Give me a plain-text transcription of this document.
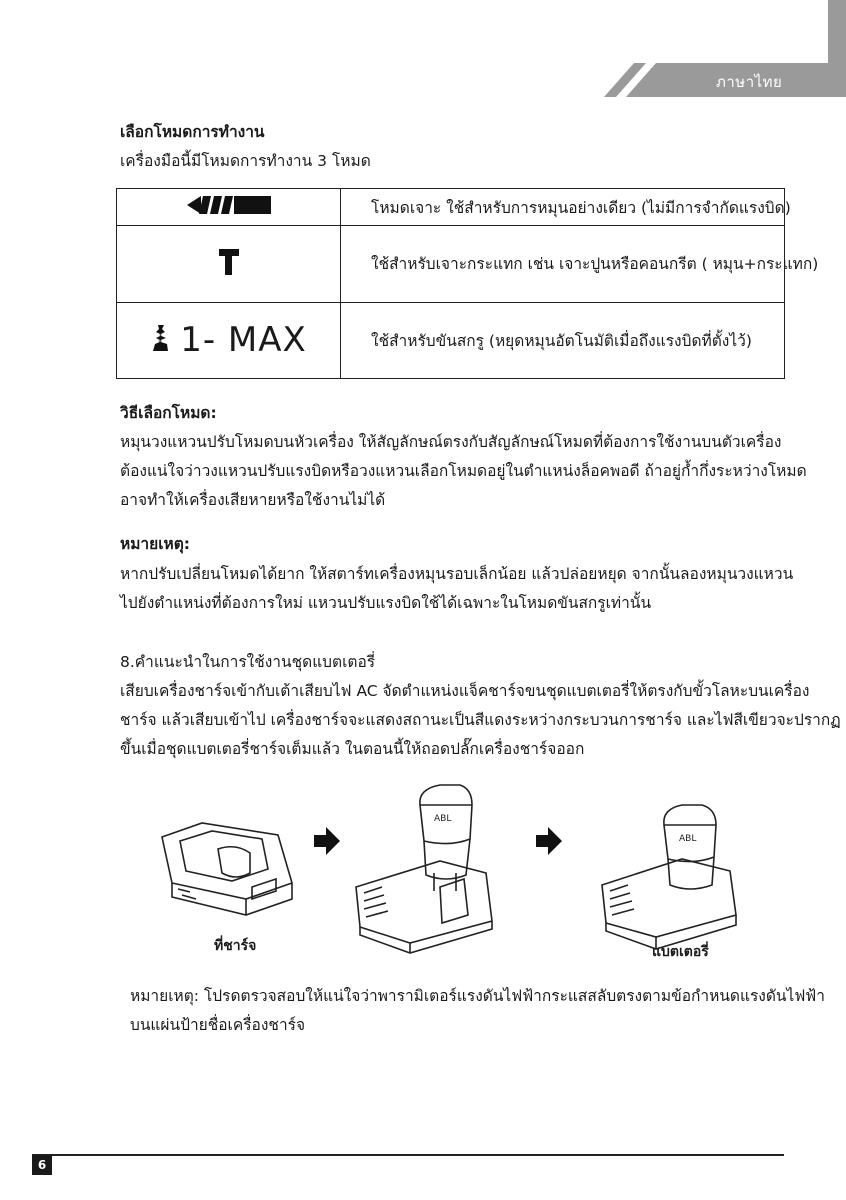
ภาษาไทย
เลือกโหมดการทำงาน
เครื่องมือนี้มีโหมดการทำงาน 3 โหมด
	โหมดเจาะ ใช้สำหรับการหมุนอย่างเดียว (ไม่มีการจำกัดแรงบิด)
	ใช้สำหรับเจาะกระแทก เช่น เจาะปูนหรือคอนกรีต ( หมุน+กระแทก)

1- MAX	ใช้สำหรับขันสกรู (หยุดหมุนอัตโนมัติเมื่อถึงแรงบิดที่ตั้งไว้)
วิธีเลือกโหมด:
หมุนวงแหวนปรับโหมดบนหัวเครื่อง ให้สัญลักษณ์ตรงกับสัญลักษณ์โหมดที่ต้องการใช้งานบนตัวเครื่อง
ต้องแน่ใจว่าวงแหวนปรับแรงบิดหรือวงแหวนเลือกโหมดอยู่ในตำแหน่งล็อคพอดี ถ้าอยู่ก้ำกึ่งระหว่างโหมด
อาจทำให้เครื่องเสียหายหรือใช้งานไม่ได้
หมายเหตุ:
หากปรับเปลี่ยนโหมดได้ยาก ให้สตาร์ทเครื่องหมุนรอบเล็กน้อย แล้วปล่อยหยุด จากนั้นลองหมุนวงแหวน
ไปยังตำแหน่งที่ต้องการใหม่ แหวนปรับแรงบิดใช้ได้เฉพาะในโหมดขันสกรูเท่านั้น
8.คำแนะนำในการใช้งานชุดแบตเตอรี่
เสียบเครื่องชาร์จเข้ากับเต้าเสียบไฟ AC จัดตำแหน่งแจ็คชาร์จขนชุดแบตเตอรี่ให้ตรงกับขั้วโลหะบนเครื่อง
ชาร์จ แล้วเสียบเข้าไป เครื่องชาร์จจะแสดงสถานะเป็นสีแดงระหว่างกระบวนการชาร์จ และไฟสีเขียวจะปรากฏ
ขึ้นเมื่อชุดแบตเตอรี่ชาร์จเต็มแล้ว ในตอนนี้ให้ถอดปลั๊กเครื่องชาร์จออก
ABL
ABL
ที่ชาร์จ	แบตเตอรี่
หมายเหตุ: โปรดตรวจสอบให้แน่ใจว่าพารามิเตอร์แรงดันไฟฟ้ากระแสสลับตรงตามข้อกำหนดแรงดันไฟฟ้า
บนแผ่นป้ายชื่อเครื่องชาร์จ
6
